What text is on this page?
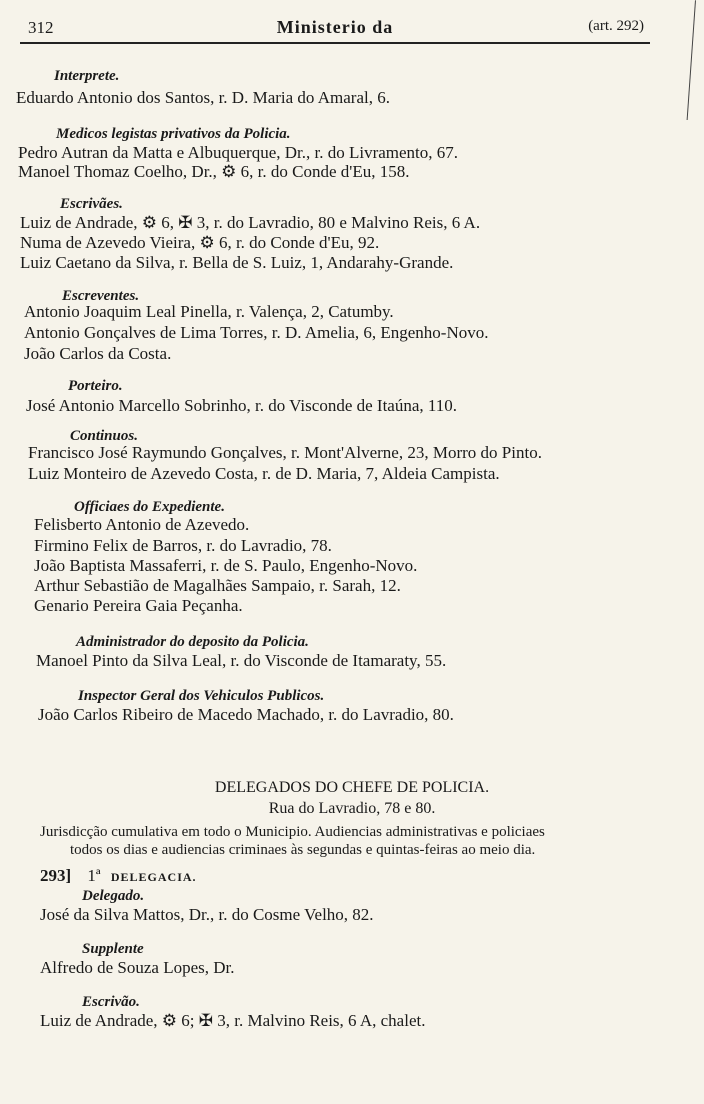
312	Ministerio da	(art. 292)
Interprete.
Eduardo Antonio dos Santos, r. D. Maria do Amaral, 6.
Medicos legistas privativos da Policia.
Pedro Autran da Matta e Albuquerque, Dr., r. do Livramento, 67.
Manoel Thomaz Coelho, Dr., ⚙ 6, r. do Conde d'Eu, 158.
Escrivães.
Luiz de Andrade, ⚙ 6, ✠ 3, r. do Lavradio, 80 e Malvino Reis, 6 A.
Numa de Azevedo Vieira, ⚙ 6, r. do Conde d'Eu, 92.
Luiz Caetano da Silva, r. Bella de S. Luiz, 1, Andarahy-Grande.
Escreventes.
Antonio Joaquim Leal Pinella, r. Valença, 2, Catumby.
Antonio Gonçalves de Lima Torres, r. D. Amelia, 6, Engenho-Novo.
João Carlos da Costa.
Porteiro.
José Antonio Marcello Sobrinho, r. do Visconde de Itaúna, 110.
Continuos.
Francisco José Raymundo Gonçalves, r. Mont'Alverne, 23, Morro do Pinto.
Luiz Monteiro de Azevedo Costa, r. de D. Maria, 7, Aldeia Campista.
Officiaes do Expediente.
Felisberto Antonio de Azevedo.
Firmino Felix de Barros, r. do Lavradio, 78.
João Baptista Massaferri, r. de S. Paulo, Engenho-Novo.
Arthur Sebastião de Magalhães Sampaio, r. Sarah, 12.
Genario Pereira Gaia Peçanha.
Administrador do deposito da Policia.
Manoel Pinto da Silva Leal, r. do Visconde de Itamaraty, 55.
Inspector Geral dos Vehiculos Publicos.
João Carlos Ribeiro de Macedo Machado, r. do Lavradio, 80.
DELEGADOS DO CHEFE DE POLICIA.
Rua do Lavradio, 78 e 80.
Jurisdicção cumulativa em todo o Municipio. Audiencias administrativas e policiaes
todos os dias e audiencias criminaes às segundas e quintas-feiras ao meio dia.
293] 1ª DELEGACIA.
Delegado.
José da Silva Mattos, Dr., r. do Cosme Velho, 82.
Supplente
Alfredo de Souza Lopes, Dr.
Escrivão.
Luiz de Andrade, ⚙ 6; ✠ 3, r. Malvino Reis, 6 A, chalet.
